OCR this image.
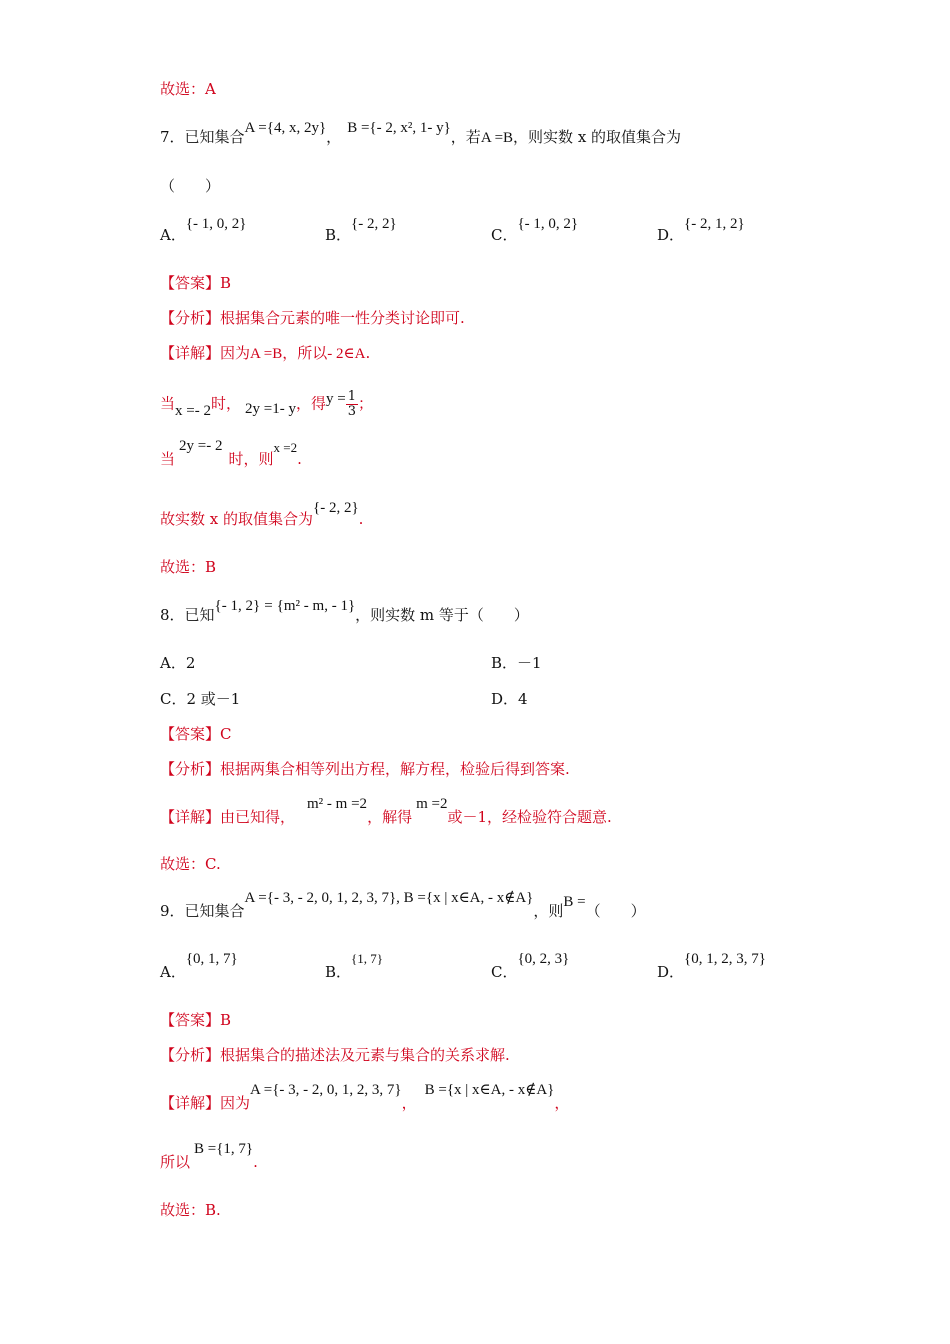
故选：A
7．已知集合A ={4, x, 2y}， B ={- 2, x², 1- y}，若A =B，则实数 x 的取值集合为
（　　）
A．{- 1, 0, 2}
B．{- 2, 2}
C．{- 1, 0, 2}
D．{- 2, 1, 2}
【答案】B
【分析】根据集合元素的唯一性分类讨论即可.
【详解】因为A =B，所以- 2∈A.
当x =- 2时， 2y =1- y，得$y = \frac{1}{3}$ ；
当2y =- 2时，则x =2.
故实数 x 的取值集合为{- 2, 2}.
故选：B
8．已知{- 1, 2} = {m² - m, - 1}，则实数 m 等于（　　）
A．2	B．－1
C．2 或－1	D．4
【答案】C
【分析】根据两集合相等列出方程，解方程，检验后得到答案.
【详解】由已知得，m² - m =2，解得m =2或－1，经检验符合题意.
故选：C.
9．已知集合A ={- 3, - 2, 0, 1, 2, 3, 7}, B ={x | x∈A, - x∉A}，则B =（　　）
A．{0, 1, 7}
B．{1, 7}
C．{0, 2, 3}
D．{0, 1, 2, 3, 7}
【答案】B
【分析】根据集合的描述法及元素与集合的关系求解.
【详解】因为A ={- 3, - 2, 0, 1, 2, 3, 7}，B ={x | x∈A, - x∉A}，
所以B ={1, 7}.
故选：B.
